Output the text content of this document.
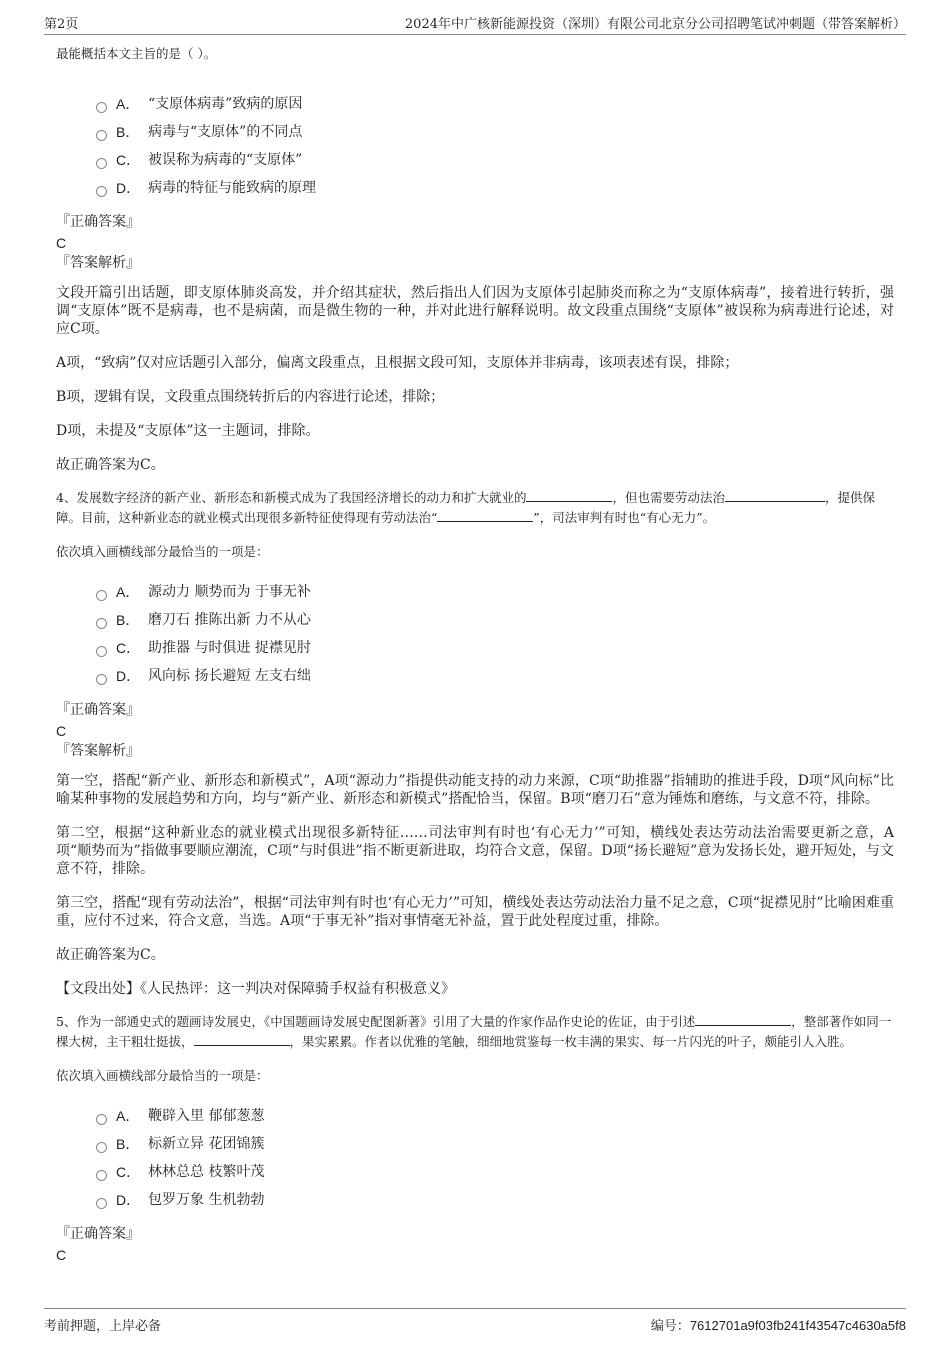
第2页	2024年中广核新能源投资（深圳）有限公司北京分公司招聘笔试冲刺题（带答案解析）

最能概括本文主旨的是（ ）。

A． “支原体病毒”致病的原因
B． 病毒与“支原体”的不同点
C． 被误称为病毒的“支原体”
D． 病毒的特征与能致病的原理

『正确答案』

C

『答案解析』

文段开篇引出话题，即支原体肺炎高发，并介绍其症状，然后指出人们因为支原体引起肺炎而称之为“支原体病毒”，接着进行转折，强调“支原体”既不是病毒，也不是病菌，而是微生物的一种，并对此进行解释说明。故文段重点围绕“支原体”被误称为病毒进行论述，对应C项。

A项，“致病”仅对应话题引入部分，偏离文段重点，且根据文段可知，支原体并非病毒，该项表述有误，排除；

B项，逻辑有误，文段重点围绕转折后的内容进行论述，排除；

D项，未提及“支原体”这一主题词，排除。

故正确答案为C。

4、发展数字经济的新产业、新形态和新模式成为了我国经济增长的动力和扩大就业的	，但也需要劳动法治	，提供保障。目前，这种新业态的就业模式出现很多新特征使得现有劳动法治“	”，司法审判有时也“有心无力”。

依次填入画横线部分最恰当的一项是：

A． 源动力 顺势而为 于事无补
B． 磨刀石 推陈出新 力不从心
C． 助推器 与时俱进 捉襟见肘
D． 风向标 扬长避短 左支右绌

『正确答案』

C

『答案解析』

第一空，搭配“新产业、新形态和新模式”，A项“源动力”指提供动能支持的动力来源，C项“助推器”指辅助的推进手段，D项“风向标”比喻某种事物的发展趋势和方向，均与“新产业、新形态和新模式”搭配恰当，保留。B项“磨刀石”意为锤炼和磨练，与文意不符，排除。

第二空，根据“这种新业态的就业模式出现很多新特征……司法审判有时也‘有心无力’”可知，横线处表达劳动法治需要更新之意，A项“顺势而为”指做事要顺应潮流，C项“与时俱进”指不断更新进取，均符合文意，保留。D项“扬长避短”意为发扬长处，避开短处，与文意不符，排除。

第三空，搭配“现有劳动法治”，根据“司法审判有时也‘有心无力’”可知，横线处表达劳动法治力量不足之意，C项“捉襟见肘”比喻困难重重，应付不过来，符合文意，当选。A项“于事无补”指对事情毫无补益，置于此处程度过重，排除。

故正确答案为C。

【文段出处】《人民热评：这一判决对保障骑手权益有积极意义》

5、作为一部通史式的题画诗发展史，《中国题画诗发展史配图新著》引用了大量的作家作品作史论的佐证，由于引述	，整部著作如同一棵大树，主干粗壮挺拔，	，果实累累。作者以优雅的笔触，细细地赏鉴每一枚丰满的果实、每一片闪光的叶子，颇能引人入胜。

依次填入画横线部分最恰当的一项是：

A． 鞭辟入里 郁郁葱葱
B． 标新立异 花团锦簇
C． 林林总总 枝繁叶茂
D． 包罗万象 生机勃勃

『正确答案』

C

考前押题，上岸必备	编号：7612701a9f03fb241f43547c4630a5f8
